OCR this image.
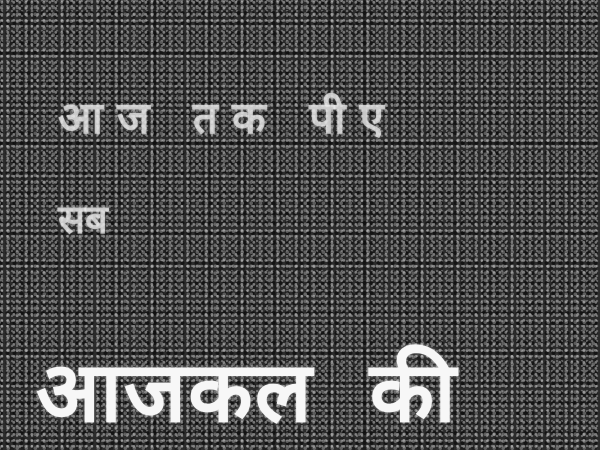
आज तक पीए
सब
आजकल की
